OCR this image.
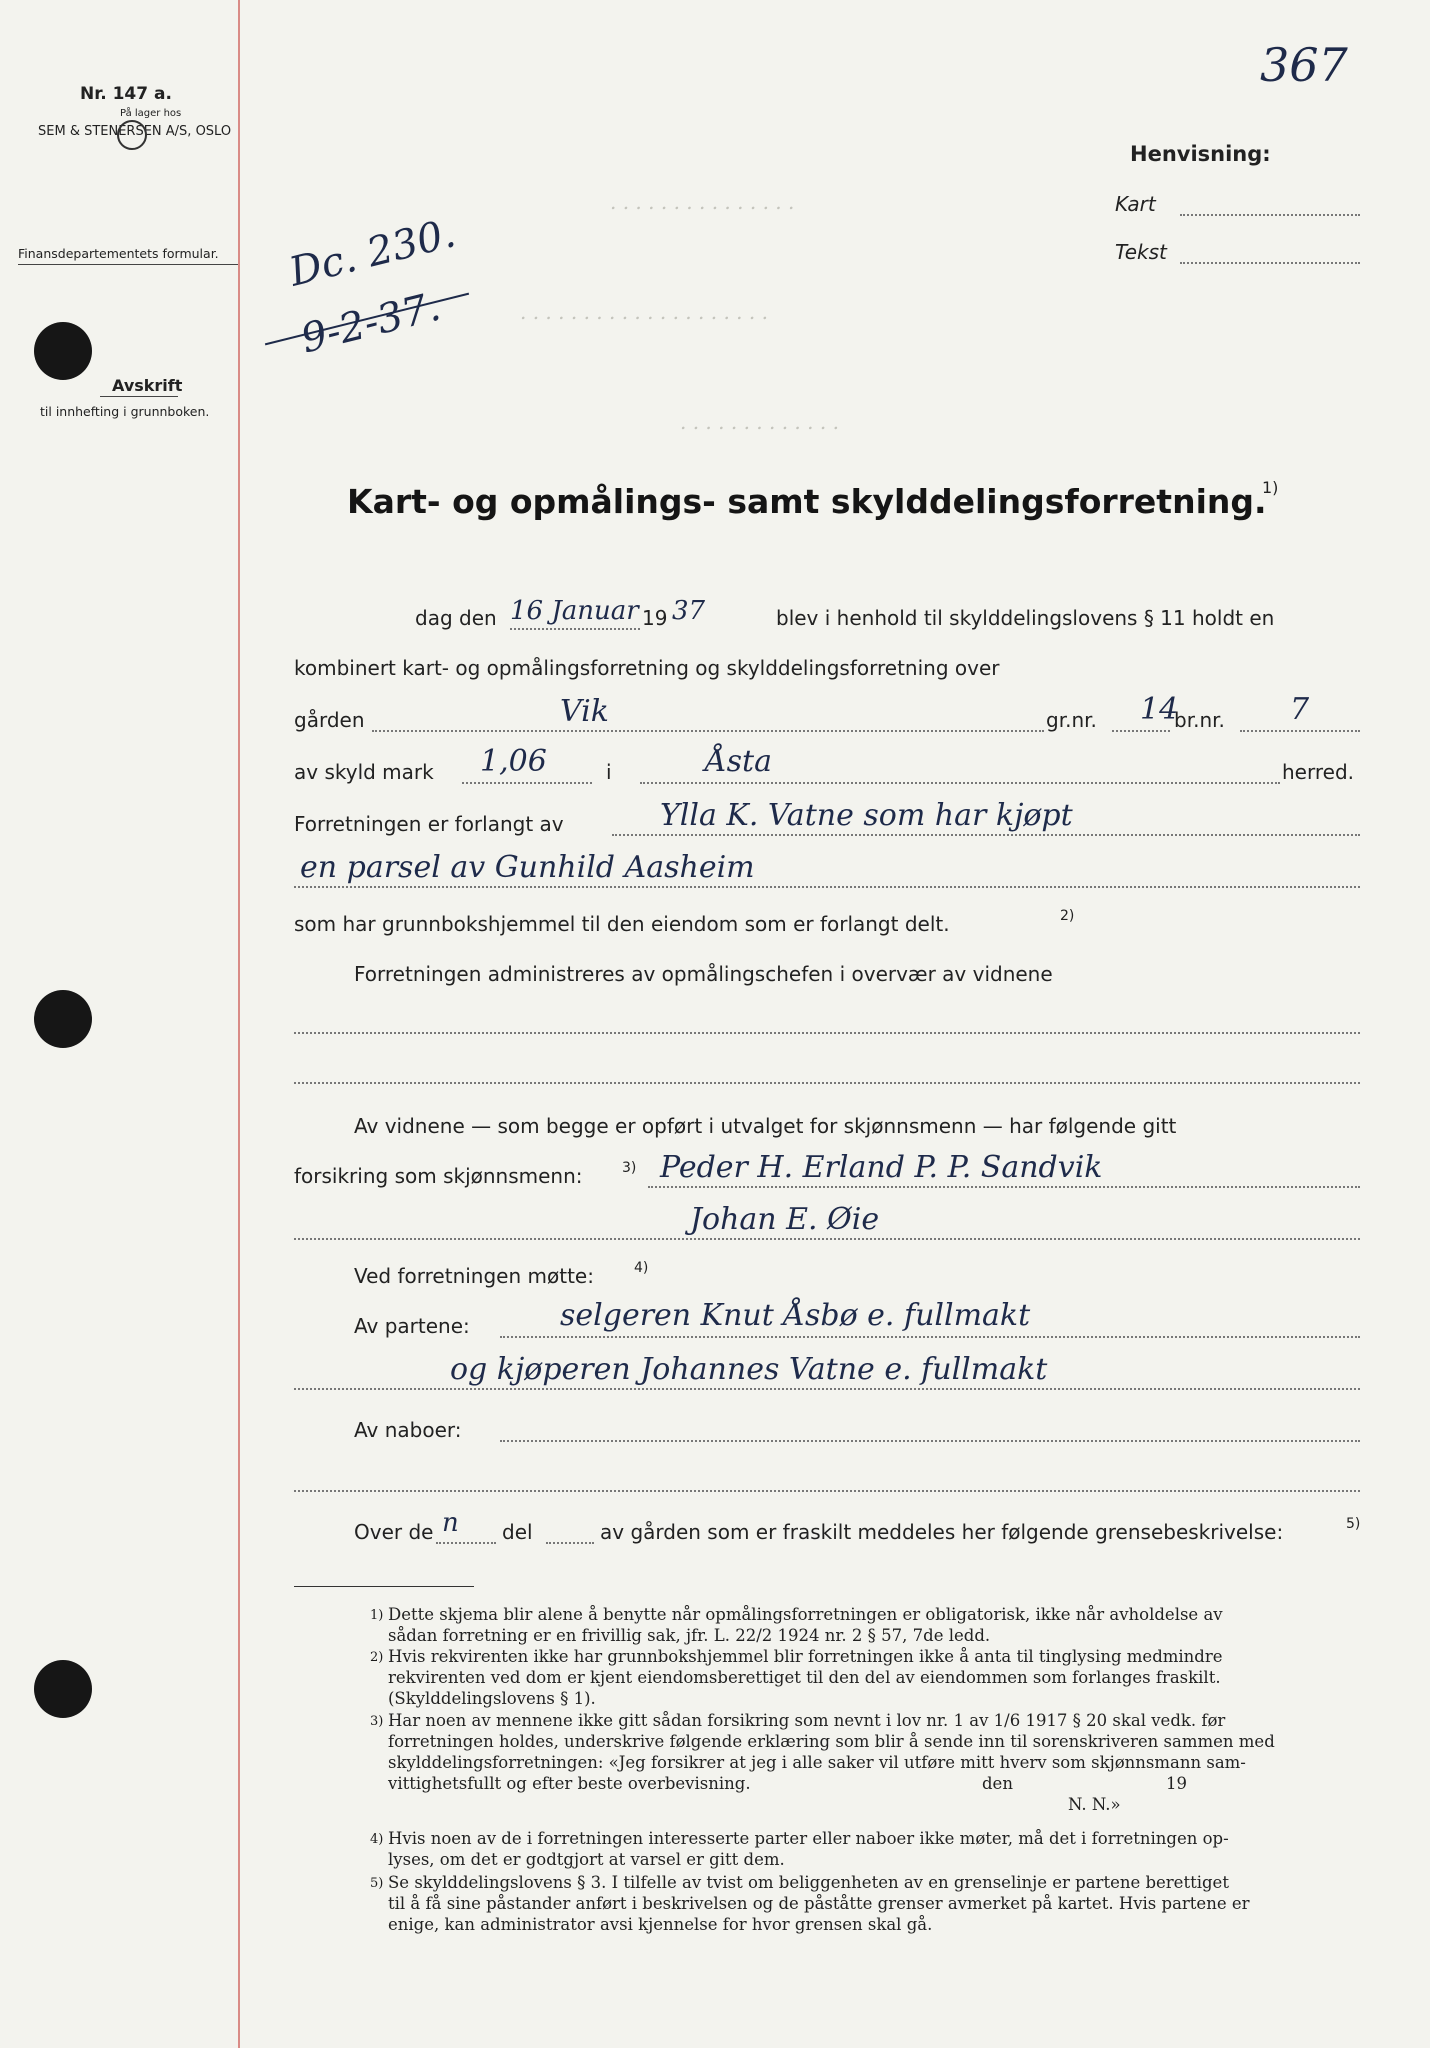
. . . . . . . . . . . . . . .
. . . . . . . . . . . . . . . . . . . .
. . . . . . . . . . . . .
367
Nr. 147 a.
På lager hos
SEM & STENERSEN A/S, OSLO
Finansdepartementets formular.
Avskrift
til innhefting i grunnboken.
Dc. 230.
9-2-37.
Henvisning:
Kart
Tekst
Kart- og opmålings- samt skylddelingsforretning.
1)
dag den 16 Januar 19 37	blev i henhold til skylddelingslovens § 11 holdt en
kombinert kart- og opmålingsforretning og skylddelingsforretning over
gården	Vik	gr.nr. 14
br.nr. 7
av skyld mark 1,06	i	Åsta	herred.
Forretningen er forlangt av	Ylla K. Vatne som har kjøpt
en parsel av Gunhild Aasheim
som har grunnbokshjemmel til den eiendom som er forlangt delt.	2)
Forretningen administreres av opmålingschefen i overvær av vidnene
Av vidnene — som begge er opført i utvalget for skjønnsmenn — har følgende gitt
forsikring som skjønnsmenn:	3) Peder H. Erland P. P. Sandvik
Johan E. Øie
Ved forretningen møtte:	4)
Av partene:	selgeren Knut Åsbø e. fullmakt
og kjøperen Johannes Vatne e. fullmakt
Av naboer:
Over de n del	av gården som er fraskilt meddeles her følgende grensebeskrivelse:	5)
1) Dette skjema blir alene å benytte når opmålingsforretningen er obligatorisk, ikke når avholdelse av
sådan forretning er en frivillig sak, jfr. L. 22/2 1924 nr. 2 § 57, 7de ledd.
2) Hvis rekvirenten ikke har grunnbokshjemmel blir forretningen ikke å anta til tinglysing medmindre
rekvirenten ved dom er kjent eiendomsberettiget til den del av eiendommen som forlanges fraskilt.
(Skylddelingslovens § 1).
3) Har noen av mennene ikke gitt sådan forsikring som nevnt i lov nr. 1 av 1/6 1917 § 20 skal vedk. før
forretningen holdes, underskrive følgende erklæring som blir å sende inn til sorenskriveren sammen med
skylddelingsforretningen: «Jeg forsikrer at jeg i alle saker vil utføre mitt hverv som skjønnsmann sam-
vittighetsfullt og efter beste overbevisning.
N. N.»
den	19
4) Hvis noen av de i forretningen interesserte parter eller naboer ikke møter, må det i forretningen op-
lyses, om det er godtgjort at varsel er gitt dem.
5) Se skylddelingslovens § 3. I tilfelle av tvist om beliggenheten av en grenselinje er partene berettiget
til å få sine påstander anført i beskrivelsen og de påståtte grenser avmerket på kartet. Hvis partene er
enige, kan administrator avsi kjennelse for hvor grensen skal gå.
